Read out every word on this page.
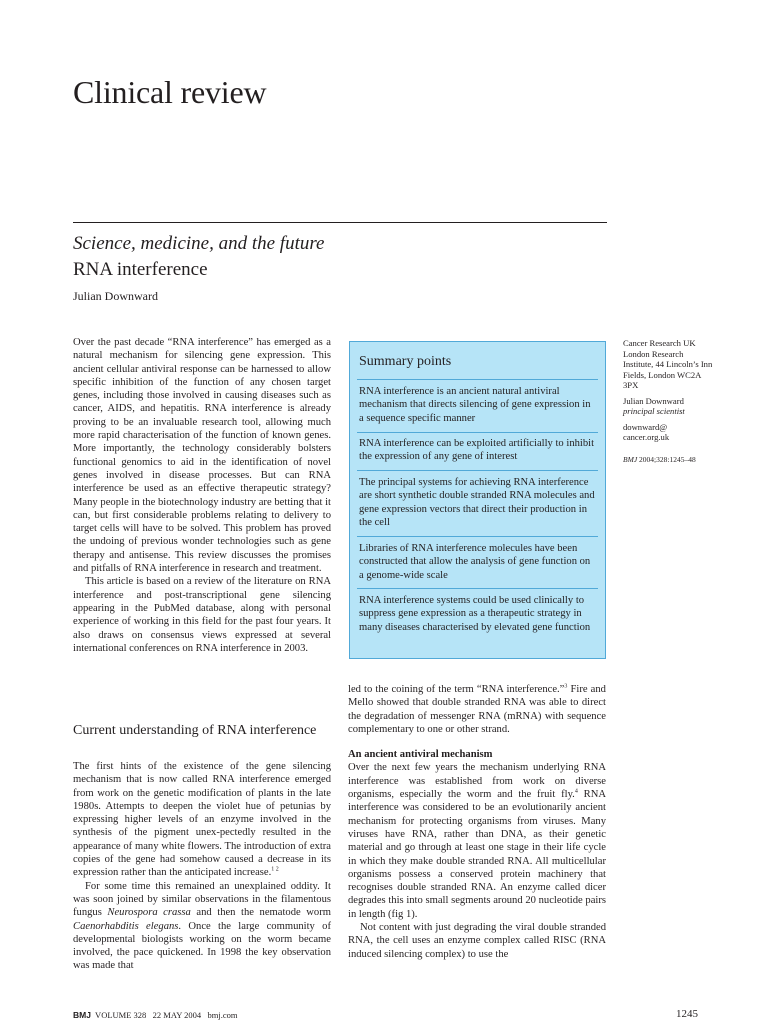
Clinical review
Science, medicine, and the future
RNA interference
Julian Downward

Over the past decade “RNA interference” has emerged as a natural mechanism for silencing gene expression. This ancient cellular antiviral response can be harnessed to allow specific inhibition of the function of any chosen target genes, including those involved in causing diseases such as cancer, AIDS, and hepatitis. RNA interference is already proving to be an invaluable research tool, allowing much more rapid characterisation of the function of known genes. More importantly, the technology considerably bolsters functional genomics to aid in the identification of novel genes involved in disease processes. But can RNA interference be used as an effective therapeutic strategy? Many people in the biotechnology industry are betting that it can, but first considerable problems relating to delivery to target cells will have to be solved. This problem has proved the undoing of previous wonder technologies such as gene therapy and antisense. This review discusses the promises and pitfalls of RNA interference in research and treatment.

This article is based on a review of the literature on RNA interference and post-transcriptional gene silencing appearing in the PubMed database, along with personal experience of working in this field for the past four years. It also draws on consensus views expressed at several international conferences on RNA interference in 2003.

Current understanding of RNA interference

The first hints of the existence of the gene silencing mechanism that is now called RNA interference emerged from work on the genetic modification of plants in the late 1980s. Attempts to deepen the violet hue of petunias by expressing higher levels of an enzyme involved in the synthesis of the pigment unex-pectedly resulted in the appearance of many white flowers. The introduction of extra copies of the gene had somehow caused a decrease in its expression rather than the anticipated increase.$^{1 2}$

For some time this remained an unexplained oddity. It was soon joined by similar observations in the filamentous fungus Neurospora crassa and then the nematode worm Caenorhabditis elegans. Once the large community of developmental biologists working on the worm became involved, the pace quickened. In 1998 the key observation was made that

Summary points
RNA interference is an ancient natural antiviral mechanism that directs silencing of gene expression in a sequence specific manner
RNA interference can be exploited artificially to inhibit the expression of any gene of interest
The principal systems for achieving RNA interference are short synthetic double stranded RNA molecules and gene expression vectors that direct their production in the cell
Libraries of RNA interference molecules have been constructed that allow the analysis of gene function on a genome-wide scale
RNA interference systems could be used clinically to suppress gene expression as a therapeutic strategy in many diseases characterised by elevated gene function

led to the coining of the term “RNA interference.”$^3$ Fire and Mello showed that double stranded RNA was able to direct the degradation of messenger RNA (mRNA) with sequence complementary to one or other strand.

An ancient antiviral mechanism

Over the next few years the mechanism underlying RNA interference was established from work on diverse organisms, especially the worm and the fruit fly.$^4$ RNA interference was considered to be an evolutionarily ancient mechanism for protecting organisms from viruses. Many viruses have RNA, rather than DNA, as their genetic material and go through at least one stage in their life cycle in which they make double stranded RNA. All multicellular organisms possess a conserved protein machinery that recognises double stranded RNA. An enzyme called dicer degrades this into small segments around 20 nucleotide pairs in length (fig 1).

Not content with just degrading the viral double stranded RNA, the cell uses an enzyme complex called RISC (RNA induced silencing complex) to use the

Cancer Research UK London Research Institute, 44 Lincoln’s Inn Fields, London WC2A 3PX

Julian Downward

principal scientist

downward@ cancer.org.uk

BMJ 2004;328:1245–48

BMJ  VOLUME 328   22 MAY 2004   bmj.com	1245
